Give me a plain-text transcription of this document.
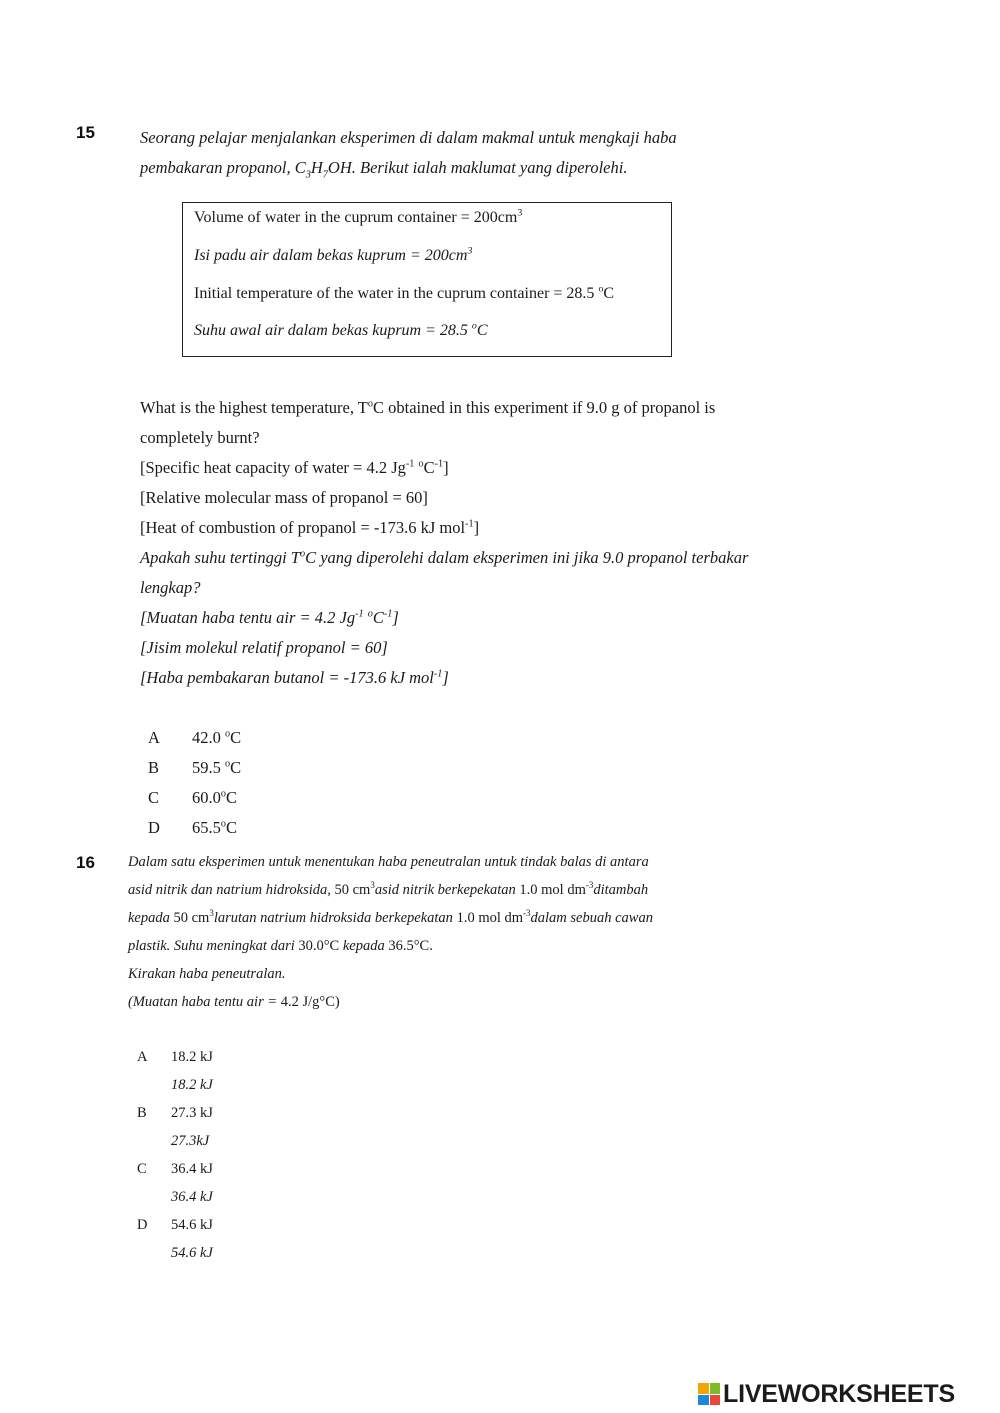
15	Seorang pelajar menjalankan eksperimen di dalam makmal untuk mengkaji haba
pembakaran propanol, $C_3H_7OH$. Berikut ialah maklumat yang diperolehi.
Volume of water in the cuprum container = $200cm^3$
Isi padu air dalam bekas kuprum = $200cm^3$
Initial temperature of the water in the cuprum container = 28.5 $^o$C
Suhu awal air dalam bekas kuprum = 28.5 $^o$C
What is the highest temperature, $T^oC$ obtained in this experiment if 9.0 g of propanol is
completely burnt?
[Specific heat capacity of water = 4.2 $Jg^{-1}$ $^oC^{-1}$]
[Relative molecular mass of propanol = 60]
[Heat of combustion of propanol = -173.6 kJ mol$^{-1}$]
Apakah suhu tertinggi $T^oC$ yang diperolehi dalam eksperimen ini jika 9.0 propanol terbakar
lengkap?
[Muatan haba tentu air = 4.2 $Jg^{-1}$ $^oC^{-1}$]
[Jisim molekul relatif propanol = 60]
[Haba pembakaran butanol = -173.6 kJ mol$^{-1}$]
A 42.0 $^o$C
B 59.5 $^o$C
C 60.0$^o$C
D 65.5$^o$C
16 Dalam satu eksperimen untuk menentukan haba peneutralan untuk tindak balas di antara
asid nitrik dan natrium hidroksida, 50 $cm^3asid$ nitrik berkepekatan 1.0 mol $dm^{-3}ditambah$
kepada 50 $cm^3larutan$ natrium hidroksida berkepekatan 1.0 mol $dm^{-3}dalam$ sebuah cawan
plastik. Suhu meningkat dari 30.0°C kepada 36.5°C.
Kirakan haba peneutralan.
(Muatan haba tentu air = 4.2 J/g°C)
A 18.2 kJ
18.2 kJ
B 27.3 kJ
27.3kJ
C 36.4 kJ
36.4 kJ
D 54.6 kJ
54.6 kJ
LIVEWORKSHEETS
